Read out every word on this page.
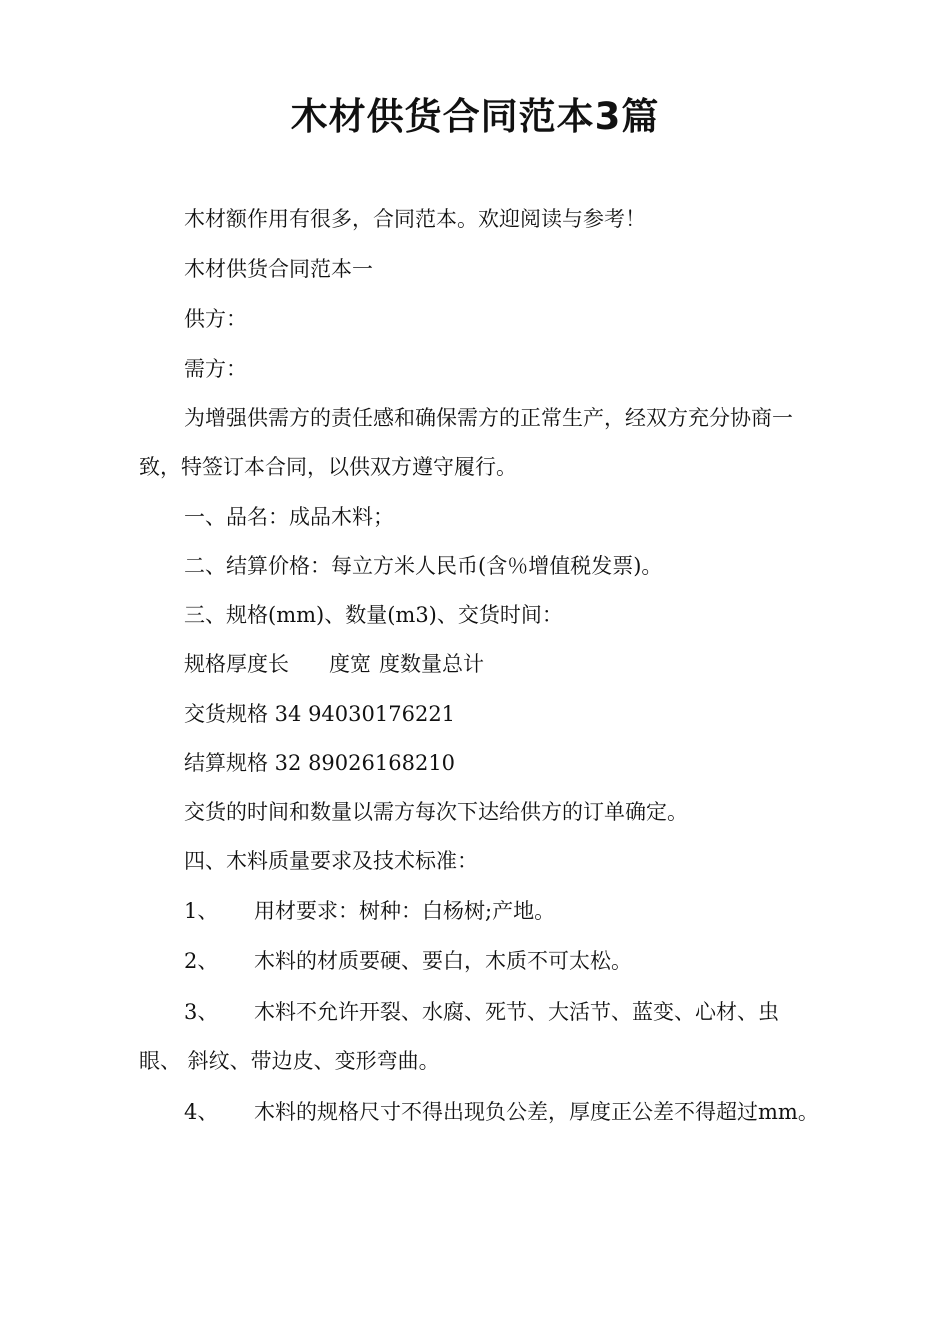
木材供货合同范本3篇

木材额作用有很多，合同范本。欢迎阅读与参考！

木材供货合同范本一

供方：

需方：

为增强供需方的责任感和确保需方的正常生产，经双方充分协商一致，特签订本合同，以供双方遵守履行。

一、品名：成品木料；

二、结算价格：每立方米人民币(含％增值税发票)。

三、规格(mm)、数量(m3)、交货时间：

规格厚度长 度宽 度数量总计

交货规格 34 94030176221

结算规格 32 89026168210

交货的时间和数量以需方每次下达给供方的订单确定。

四、木料质量要求及技术标准：

1、 用材要求：树种：白杨树;产地。

2、 木料的材质要硬、要白，木质不可太松。

3、 木料不允许开裂、水腐、死节、大活节、蓝变、心材、虫眼、 斜纹、带边皮、变形弯曲。

4、 木料的规格尺寸不得出现负公差，厚度正公差不得超过mm。
